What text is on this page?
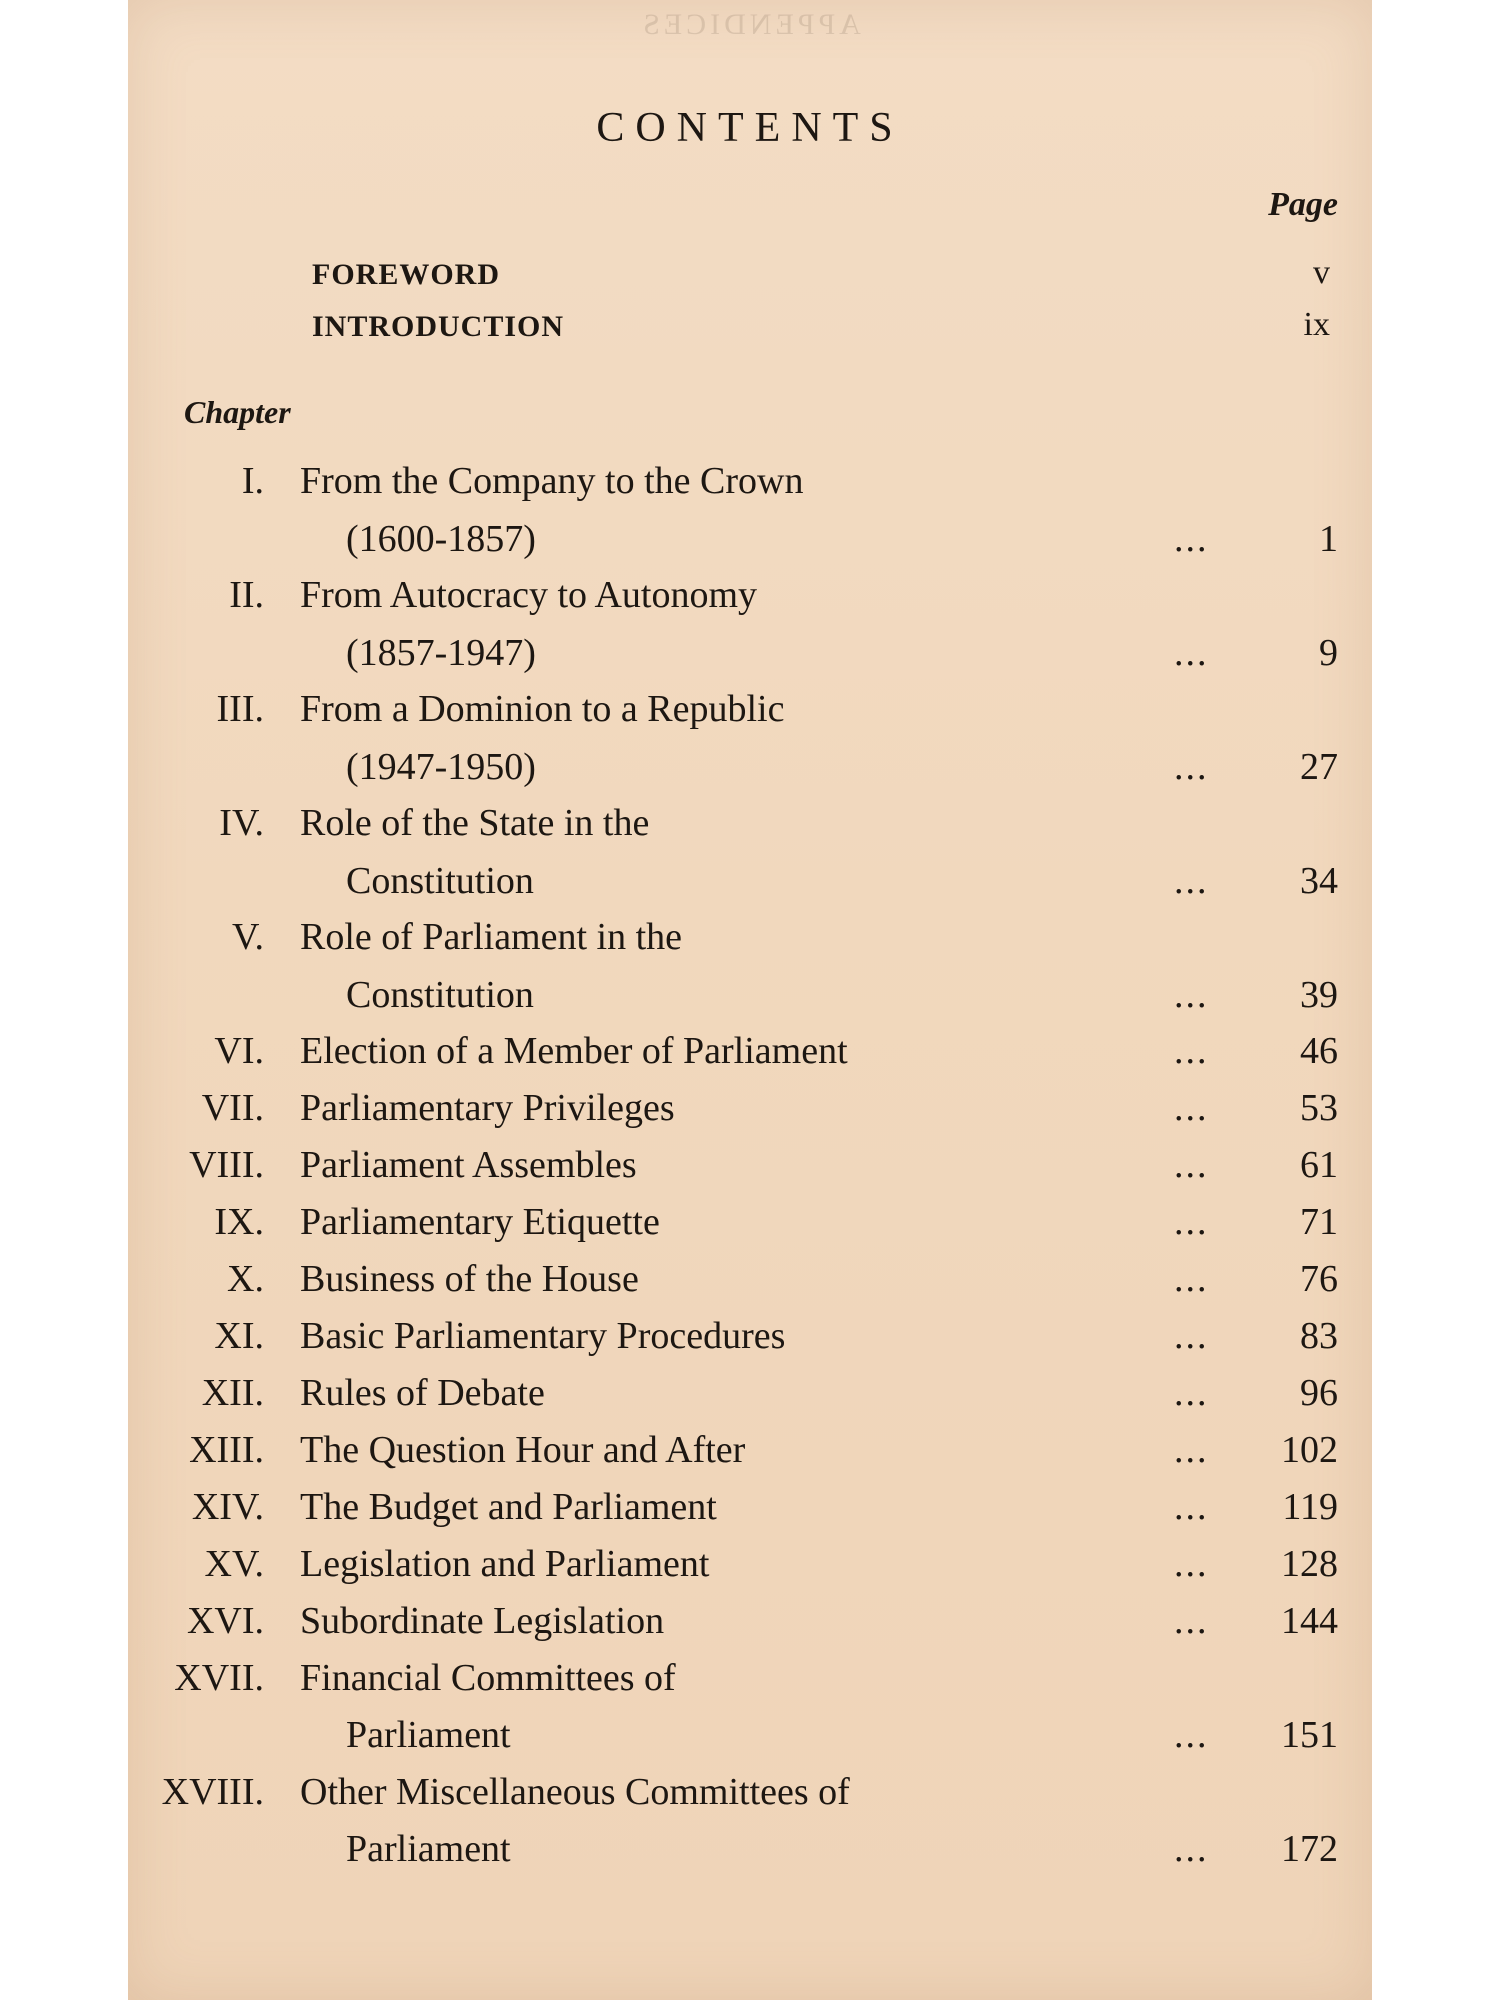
APPENDICES
CONTENTS
Page
FOREWORD	v
INTRODUCTION	ix
Chapter
I. From the Company to the Crown
(1600-1857)	...	1
II. From Autocracy to Autonomy
(1857-1947)	...	9
III. From a Dominion to a Republic
(1947-1950)	... 27
IV. Role of the State in the
Constitution	... 34
V. Role of Parliament in the
Constitution	... 39
VI. Election of a Member of Parliament	... 46
VII. Parliamentary Privileges	... 53
VIII. Parliament Assembles	... 61
IX. Parliamentary Etiquette	... 71
X. Business of the House	... 76
XI. Basic Parliamentary Procedures	... 83
XII. Rules of Debate	... 96
XIII. The Question Hour and After	... 102
XIV. The Budget and Parliament	... 119
XV. Legislation and Parliament	... 128
XVI. Subordinate Legislation	... 144
XVII. Financial Committees of
Parliament	... 151
XVIII. Other Miscellaneous Committees of
Parliament	... 172
